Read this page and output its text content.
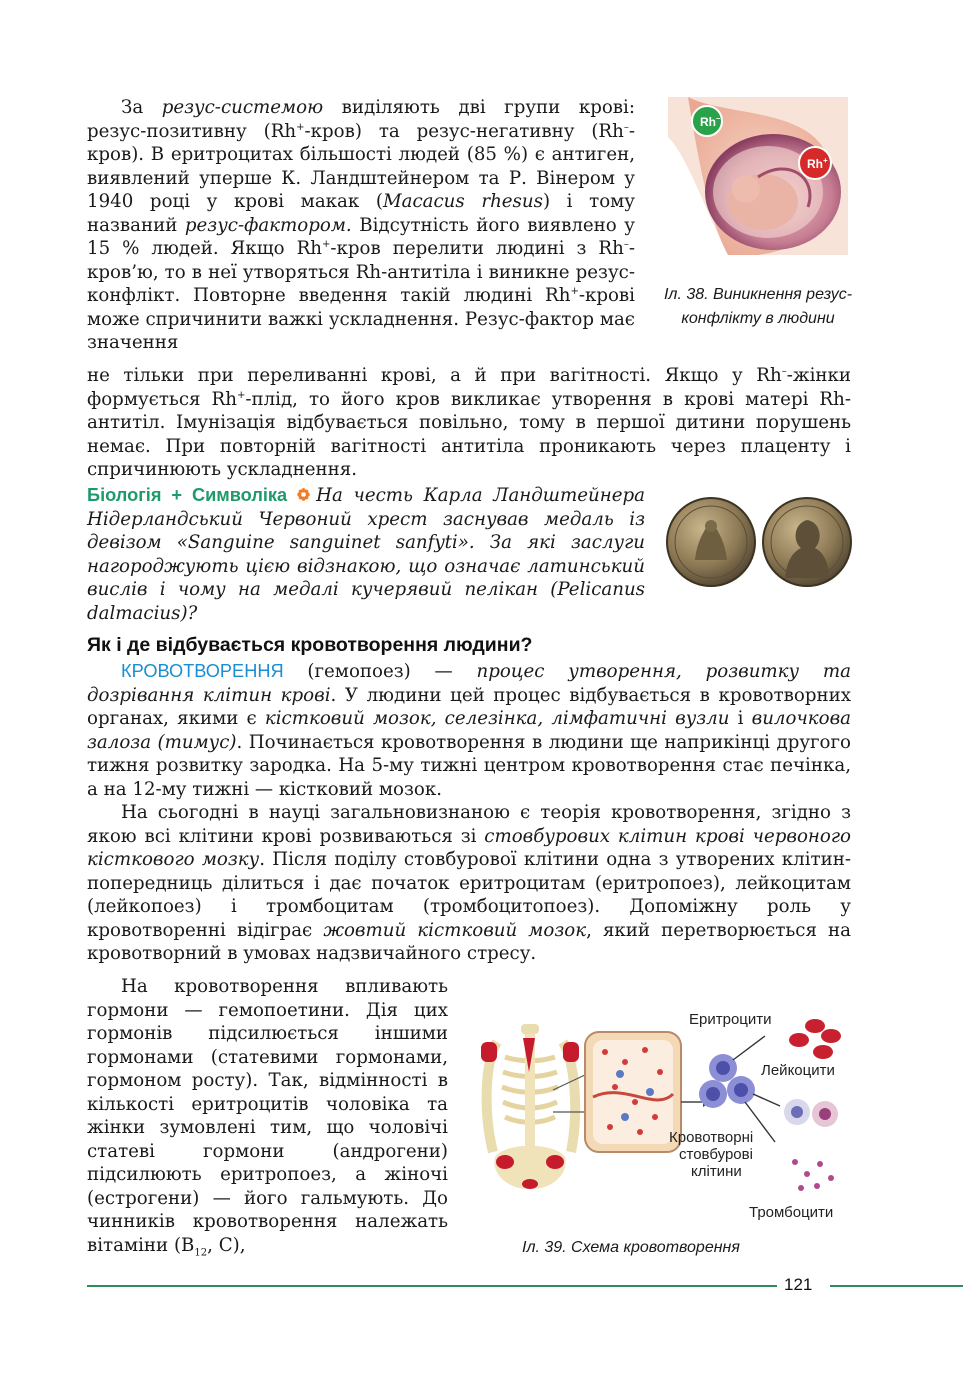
За резус-системою виділяють дві групи крові: резус-позитивну (Rh+-кров) та резус-негативну (Rh–-кров). В еритроцитах більшості людей (85 %) є антиген, виявлений уперше К. Ландштейнером та Р. Вінером у 1940 році у крові макак (Macacus rhesus) і тому названий резус-фактором. Відсутність його виявлено у 15 % людей. Якщо Rh+-кров перелити людині з Rh–-кров’ю, то в неї утворяться Rh-антитіла і виникне резус-конфлікт. Повторне введення такій людині Rh+-крові може спричинити важкі ускладнення. Резус-фактор має значення

не тільки при переливанні крові, а й при вагітності. Якщо у Rh–-жінки формується Rh+-плід, то його кров викликає утворення в крові матері Rh-антитіл. Імунізація відбувається повільно, тому в першої дитини порушень немає. При повторній вагітності антитіла проникають через плаценту і спричинюють ускладнення.

Rh–
Rh+
Іл. 38. Виникнення резус-конфлікту в людини

Біологія + Символіка На честь Карла Ландштейнера Нідерландський Червоний хрест заснував медаль із девізом «Sanguine sanguinet sanfyti». За які заслуги нагороджують цією відзнакою, що означає латинський вислів і чому на медалі кучерявий пелікан (Pelicanus dalmacius)?

Як і де відбувається кровотворення людини?

КРОВОТВОРЕННЯ (гемопоез) — процес утворення, розвитку та дозрівання клітин крові. У людини цей процес відбувається в кровотворних органах, якими є кістковий мозок, селезінка, лімфатичні вузли і вилочкова залоза (тимус). Починається кровотворення в людини ще наприкінці другого тижня розвитку зародка. На 5-му тижні центром кровотворення стає печінка, а на 12-му тижні — кістковий мозок.

На сьогодні в науці загальновизнаною є теорія кровотворення, згідно з якою всі клітини крові розвиваються зі стовбурових клітин крові червоного кісткового мозку. Після поділу стовбурової клітини одна з утворених клітин-попередниць ділиться і дає початок еритроцитам (еритропоез), лейкоцитам (лейкопоез) і тромбоцитам (тромбоцитопоез). Допоміжну роль у кровотворенні відіграє жовтий кістковий мозок, який перетворюється на кровотворний в умовах надзвичайного стресу.

На кровотворення впливають гормони — гемопоетини. Дія цих гормонів підсилюється іншими гормонами (статевими гормонами, гормоном росту). Так, відмінності в кількості еритроцитів чоловіка та жінки зумовлені тим, що чоловічі статеві гормони (андрогени) підсилюють еритропоез, а жіночі (естрогени) — його гальмують. До чинників кровотворення належать вітаміни ($B_{12}$, C),

Еритроцити
Лейкоцити
Кровотворні
стовбурові
клітини
Тромбоцити
Іл. 39. Схема кровотворення
121
